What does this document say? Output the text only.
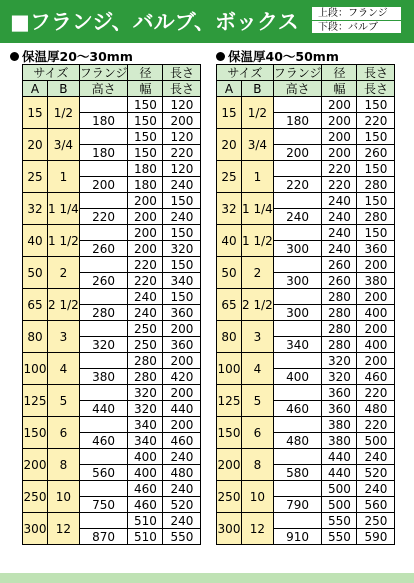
■フランジ、バルブ、ボックス	上段：フランジ
下段：バルブ
保温厚20～30mm	保温厚40～50mm
サイズ		フランジ	径	長さ
A	B	高さ	幅	長さ
15	1/2		150	120
		180	150	200
20	3/4		150	120
		180	150	220
25	1		180	120
		200	180	240
32	1 1/4		200	150
		220	200	240
40	1 1/2		200	150
		260	200	320
50	2		220	150
		260	220	340
65	2 1/2		240	150
		280	240	360
80	3		250	200
		320	250	360
100	4		280	200
		380	280	420
125	5		320	200
		440	320	440
150	6		340	200
		460	340	460
200	8		400	240
		560	400	480
250	10		460	240
		750	460	520
300	12		510	240
		870	510	550
サイズ		フランジ	径	長さ
A	B	高さ	幅	長さ
15	1/2		200	150
		180	200	220
20	3/4		200	150
		200	200	260
25	1		220	150
		220	220	280
32	1 1/4		240	150
		240	240	280
40	1 1/2		240	150
		300	240	360
50	2		260	200
		300	260	380
65	2 1/2		280	200
		300	280	400
80	3		280	200
		340	280	400
100	4		320	200
		400	320	460
125	5		360	220
		460	360	480
150	6		380	220
		480	380	500
200	8		440	240
		580	440	520
250	10		500	240
		790	500	560
300	12		550	250
		910	550	590
